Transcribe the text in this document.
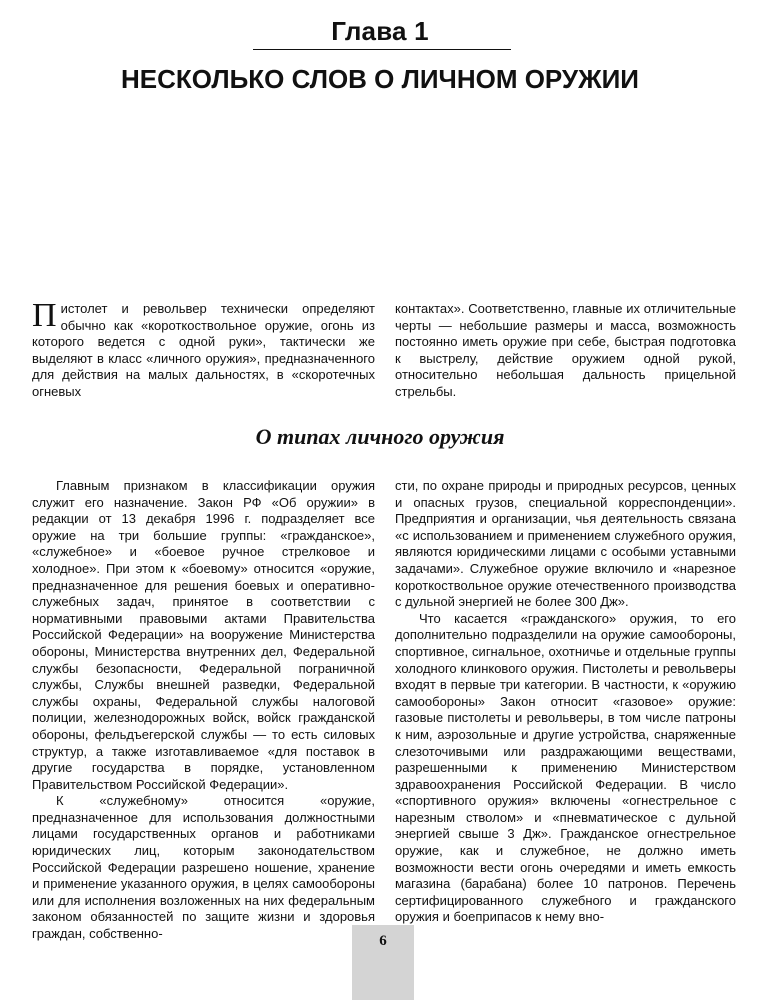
Глава 1
НЕСКОЛЬКО СЛОВ О ЛИЧНОМ ОРУЖИИ

Пистолет и револьвер технически определяют обычно как «короткоствольное оружие, огонь из которого ведется с одной руки», тактически же выделяют в класс «личного оружия», предназначенного для действия на малых дальностях, в «скоротечных огневых

контактах». Соответственно, главные их отличительные черты — небольшие размеры и масса, возможность постоянно иметь оружие при себе, быстрая подготовка к выстрелу, действие оружием одной рукой, относительно небольшая дальность прицельной стрельбы.

О типах личного оружия

Главным признаком в классификации оружия служит его назначение. Закон РФ «Об оружии» в редакции от 13 декабря 1996 г. подразделяет все оружие на три большие группы: «гражданское», «служебное» и «боевое ручное стрелковое и холодное». При этом к «боевому» относится «оружие, предназначенное для решения боевых и оперативно-служебных задач, принятое в соответствии с нормативными правовыми актами Правительства Российской Федерации» на вооружение Министерства обороны, Министерства внутренних дел, Федеральной службы безопасности, Федеральной пограничной службы, Службы внешней разведки, Федеральной службы охраны, Федеральной службы налоговой полиции, железнодорожных войск, войск гражданской обороны, фельдъегерской службы — то есть силовых структур, а также изготавливаемое «для поставок в другие государства в порядке, установленном Правительством Российской Федерации».

К «служебному» относится «оружие, предназначенное для использования должностными лицами государственных органов и работниками юридических лиц, которым законодательством Российской Федерации разрешено ношение, хранение и применение указанного оружия, в целях самообороны или для исполнения возложенных на них федеральным законом обязанностей по защите жизни и здоровья граждан, собственно-

сти, по охране природы и природных ресурсов, ценных и опасных грузов, специальной корреспонденции». Предприятия и организации, чья деятельность связана «с использованием и применением служебного оружия, являются юридическими лицами с особыми уставными задачами». Служебное оружие включило и «нарезное короткоствольное оружие отечественного производства с дульной энергией не более 300 Дж».

Что касается «гражданского» оружия, то его дополнительно подразделили на оружие самообороны, спортивное, сигнальное, охотничье и отдельные группы холодного клинкового оружия. Пистолеты и револьверы входят в первые три категории. В частности, к «оружию самообороны» Закон относит «газовое» оружие: газовые пистолеты и револьверы, в том числе патроны к ним, аэрозольные и другие устройства, снаряженные слезоточивыми или раздражающими веществами, разрешенными к применению Министерством здравоохранения Российской Федерации. В число «спортивного оружия» включены «огнестрельное с нарезным стволом» и «пневматическое с дульной энергией свыше 3 Дж». Гражданское огнестрельное оружие, как и служебное, не должно иметь возможности вести огонь очередями и иметь емкость магазина (барабана) более 10 патронов. Перечень сертифицированного служебного и гражданского оружия и боеприпасов к нему вно-

6
